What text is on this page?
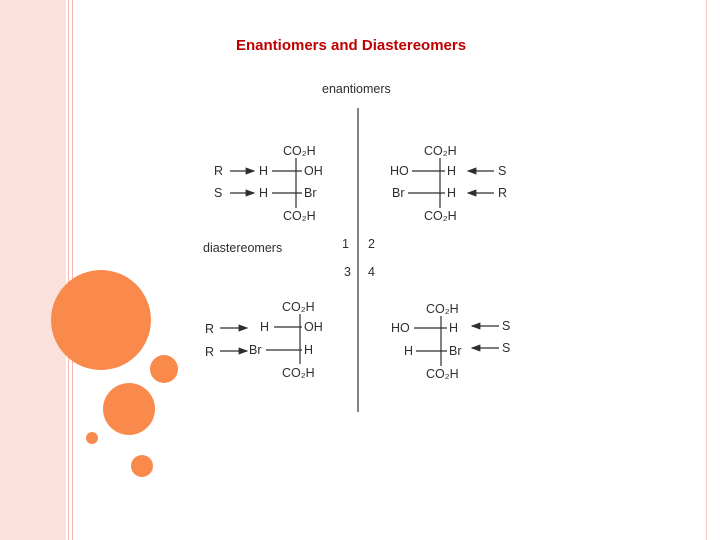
Enantiomers and Diastereomers
enantiomers
diastereomers	1 2
3 4
CO₂H
H	OH
H	Br
CO₂H
R
S
CO₂H
HO	H
Br	H
CO₂H
S
R
CO₂H
H	OH
Br	H
CO₂H
R
R
CO₂H
HO	H
H	Br
CO₂H
S
S
